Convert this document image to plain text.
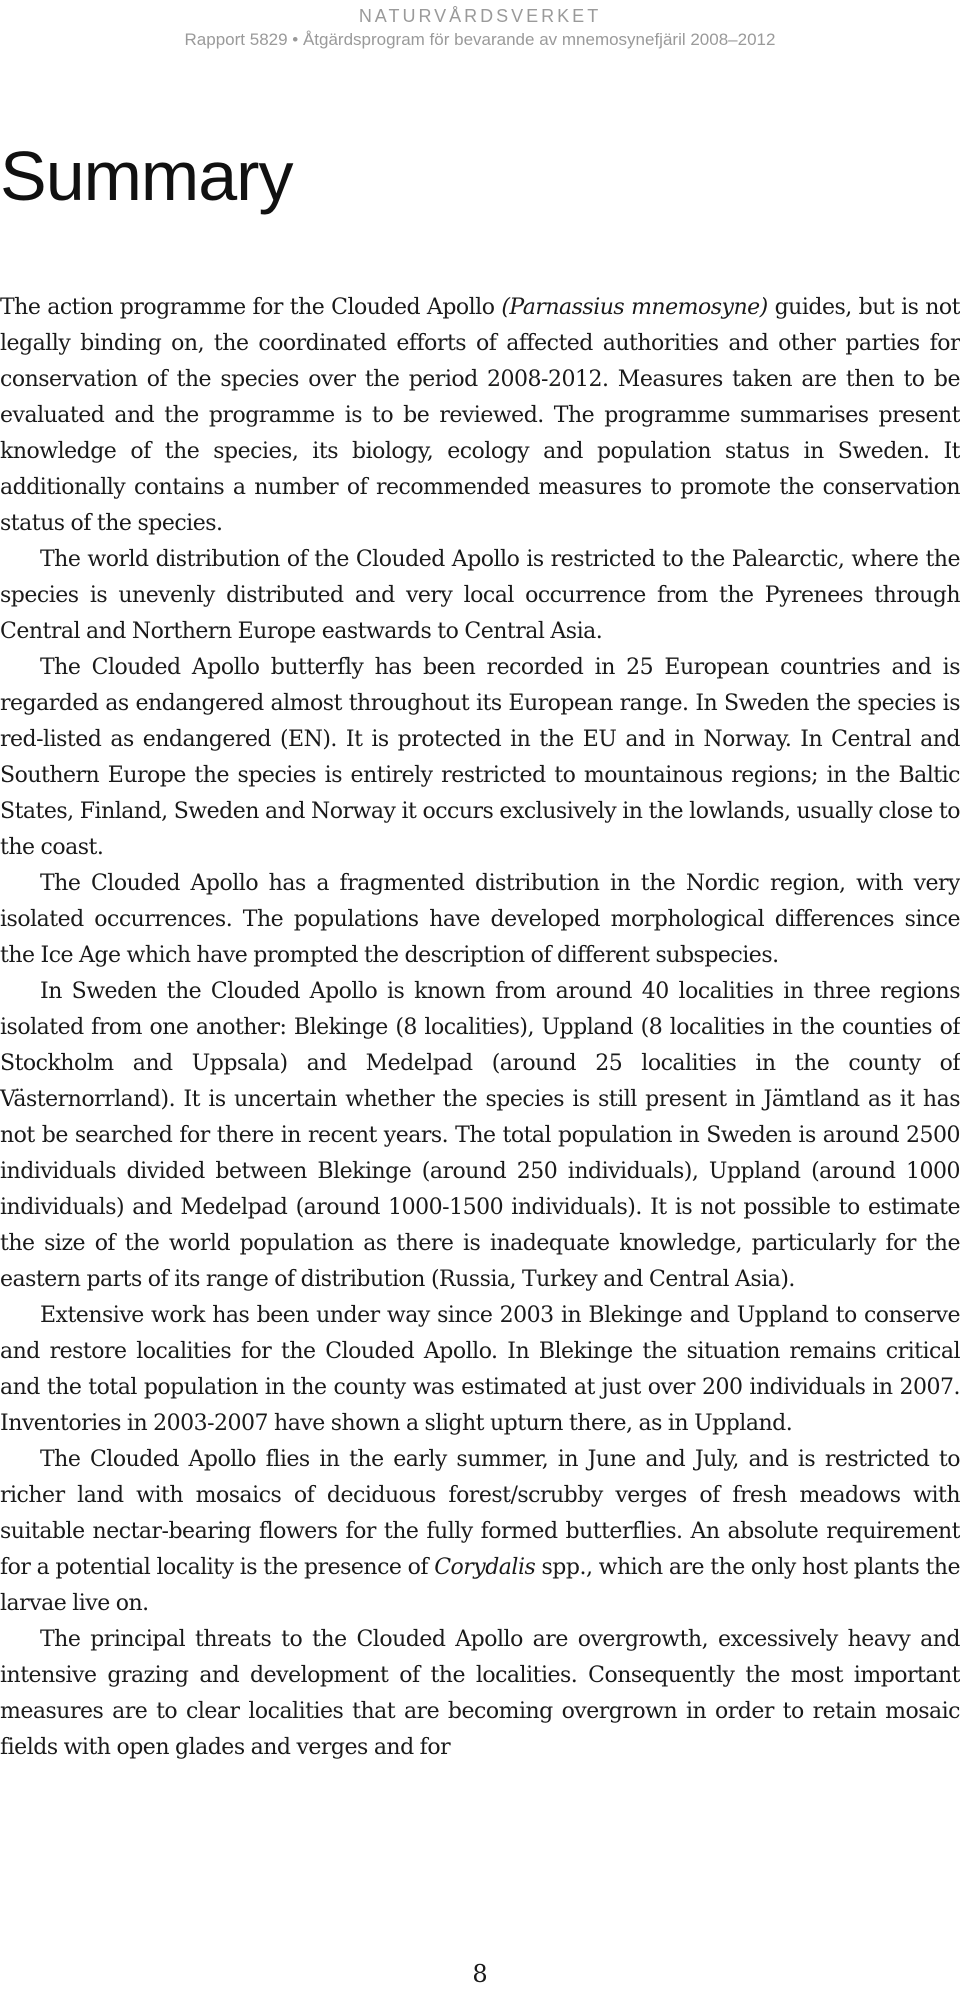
NATURVÅRDSVERKET
Rapport 5829 • Åtgärdsprogram för bevarande av mnemosynefjäril 2008–2012
Summary

The action programme for the Clouded Apollo (Parnassius mnemosyne) guides, but is not legally binding on, the coordinated efforts of affected authorities and other parties for conservation of the species over the period 2008-2012. Measures taken are then to be evaluated and the programme is to be reviewed. The programme summarises present knowledge of the species, its biology, ecology and population status in Sweden. It additionally contains a number of recommended measures to promote the conservation status of the species.

The world distribution of the Clouded Apollo is restricted to the Palearctic, where the species is unevenly distributed and very local occurrence from the Pyrenees through Central and Northern Europe eastwards to Central Asia.

The Clouded Apollo butterfly has been recorded in 25 European countries and is regarded as endangered almost throughout its European range. In Sweden the species is red-listed as endangered (EN). It is protected in the EU and in Norway. In Central and Southern Europe the species is entirely restricted to mountainous regions; in the Baltic States, Finland, Sweden and Norway it occurs exclusively in the lowlands, usually close to the coast.

The Clouded Apollo has a fragmented distribution in the Nordic region, with very isolated occurrences. The populations have developed morphological differences since the Ice Age which have prompted the description of different subspecies.

In Sweden the Clouded Apollo is known from around 40 localities in three regions isolated from one another: Blekinge (8 localities), Uppland (8 localities in the counties of Stockholm and Uppsala) and Medelpad (around 25 localities in the county of Västernorrland). It is uncertain whether the species is still present in Jämtland as it has not be searched for there in recent years. The total population in Sweden is around 2500 individuals divided between Blekinge (around 250 individuals), Uppland (around 1000 individuals) and Medelpad (around 1000-1500 individuals). It is not possible to estimate the size of the world population as there is inadequate knowledge, particularly for the eastern parts of its range of distribution (Russia, Turkey and Central Asia).

Extensive work has been under way since 2003 in Blekinge and Uppland to conserve and restore localities for the Clouded Apollo. In Blekinge the situation remains critical and the total population in the county was estimated at just over 200 individuals in 2007. Inventories in 2003-2007 have shown a slight upturn there, as in Uppland.

The Clouded Apollo flies in the early summer, in June and July, and is restricted to richer land with mosaics of deciduous forest/scrubby verges of fresh meadows with suitable nectar-bearing flowers for the fully formed butterflies. An absolute requirement for a potential locality is the presence of Corydalis spp., which are the only host plants the larvae live on.

The principal threats to the Clouded Apollo are overgrowth, excessively heavy and intensive grazing and development of the localities. Consequently the most important measures are to clear localities that are becoming overgrown in order to retain mosaic fields with open glades and verges and for

8
